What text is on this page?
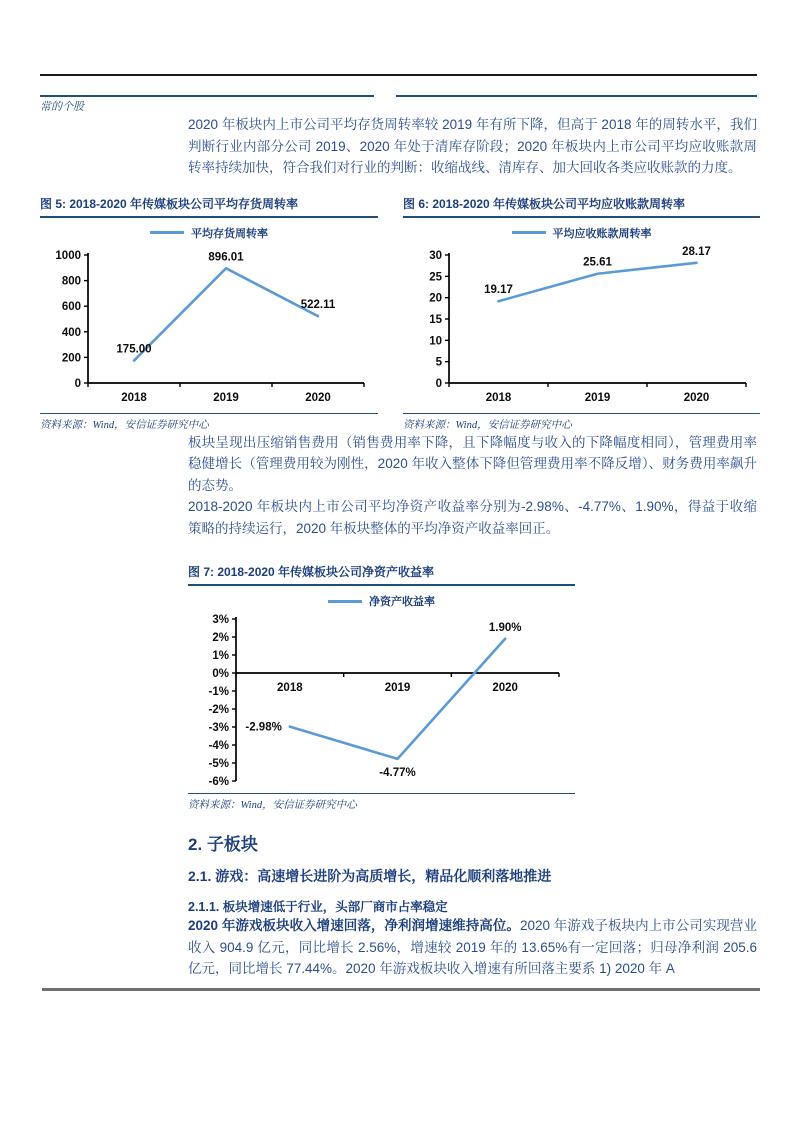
常的个股

2020 年板块内上市公司平均存货周转率较 2019 年有所下降，但高于 2018 年的周转水平，我们判断行业内部分公司 2019、2020 年处于清库存阶段；2020 年板块内上市公司平均应收账款周转率持续加快，符合我们对行业的判断：收缩战线、清库存、加大回收各类应收账款的力度。

图 5: 2018-2020 年传媒板块公司平均存货周转率
平均存货周转率
0
200
400
600
800
1000
2018	2019	2020
175.00
896.01
522.11
资料来源：Wind，安信证券研究中心
图 6: 2018-2020 年传媒板块公司平均应收账款周转率
平均应收账款周转率
0
5
10
15
20
25
30
2018	2019	2020
19.17
25.61
28.17
资料来源：Wind，安信证券研究中心

板块呈现出压缩销售费用（销售费用率下降，且下降幅度与收入的下降幅度相同），管理费用率稳健增长（管理费用较为刚性，2020 年收入整体下降但管理费用率不降反增）、财务费用率飙升的态势。

2018-2020 年板块内上市公司平均净资产收益率分别为-2.98%、-4.77%、1.90%，得益于收缩策略的持续运行，2020 年板块整体的平均净资产收益率回正。

图 7: 2018-2020 年传媒板块公司净资产收益率
净资产收益率
-6%
-5%
-4%
-3%
-2%
-1%
0%
1%
2%
3%
2018	2019	2020
-2.98%
-4.77%
1.90%
资料来源：Wind，安信证券研究中心
2. 子板块
2.1. 游戏：高速增长进阶为高质增长，精品化顺利落地推进
2.1.1. 板块增速低于行业，头部厂商市占率稳定

2020 年游戏板块收入增速回落，净利润增速维持高位。2020 年游戏子板块内上市公司实现营业收入 904.9 亿元，同比增长 2.56%，增速较 2019 年的 13.65%有一定回落；归母净利润 205.6 亿元，同比增长 77.44%。2020 年游戏板块收入增速有所回落主要系 1) 2020 年 A
